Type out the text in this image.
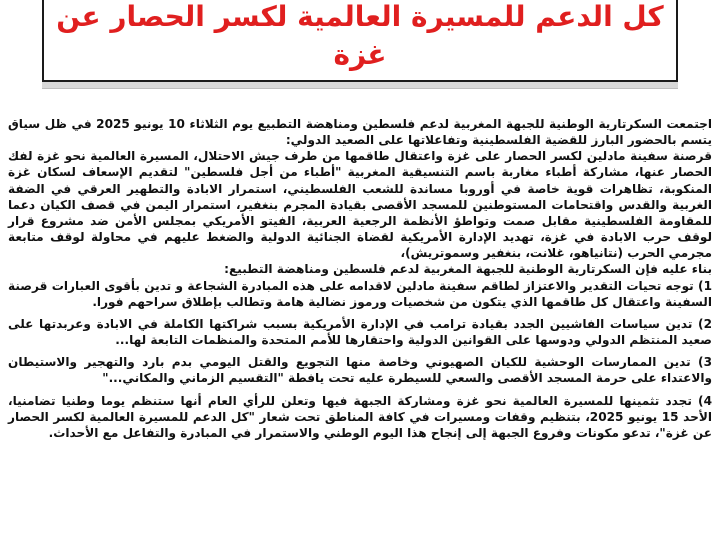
كل الدعم للمسيرة العالمية لكسر الحصار عن غزة

اجتمعت السكرتارية الوطنية للجبهة المغربية لدعم فلسطين ومناهضة التطبيع يوم الثلاثاء 10 يونيو 2025 في ظل سياق يتسم بالحضور البارز للقضية الفلسطينية وتفاعلاتها على الصعيد الدولي:

قرصنة سفينة مادلين لكسر الحصار على غزة واعتقال طاقمها من طرف جيش الاحتلال، المسيرة العالمية نحو غزة لفك الحصار عنها، مشاركة أطباء مغاربة باسم التنسيقية المغربية "أطباء من أجل فلسطين" لتقديم الإسعاف لسكان غزة المنكوبة، تظاهرات قوية خاصة في أوروبا مساندة للشعب الفلسطيني، استمرار الابادة والتطهير العرقي في الضفة الغربية والقدس واقتحامات المستوطنين للمسجد الأقصى بقيادة المجرم بنغفير، استمرار اليمن في قصف الكيان دعما للمقاومة الفلسطينية مقابل صمت وتواطؤ الأنظمة الرجعية العربية، الفيتو الأمريكي بمجلس الأمن ضد مشروع قرار لوقف حرب الابادة في غزة، تهديد الإدارة الأمريكية لقضاة الجنائية الدولية والضغط عليهم في محاولة لوقف متابعة مجرمي الحرب (نتانياهو، غلانت، بنغفير وسموتريش)،

بناء عليه فإن السكرتارية الوطنية للجبهة المغربية لدعم فلسطين ومناهضة التطبيع:

1) توجه تحيات التقدير والاعتزاز لطاقم سفينة مادلين لاقدامه على هذه المبادرة الشجاعة و تدين بأقوى العبارات قرصنة السفينة واعتقال كل طاقمها الذي يتكون من شخصيات ورموز نضالية هامة وتطالب بإطلاق سراحهم فورا.

2) تدين سياسات الفاشيين الجدد بقيادة ترامب في الإدارة الأمريكية بسبب شراكتها الكاملة في الابادة وعربدتها على صعيد المنتظم الدولي ودوسها على القوانين الدولية واحتقارها للأمم المتحدة والمنظمات التابعة لها...

3) تدين الممارسات الوحشية للكيان الصهيوني وخاصة منها التجويع والقتل اليومي بدم بارد والتهجير والاستيطان والاعتداء على حرمة المسجد الأقصى والسعي للسيطرة عليه تحت يافطة "التقسيم الزماني والمكاني..."

4) تجدد تثمينها للمسيرة العالمية نحو غزة ومشاركة الجبهة فيها وتعلن للرأي العام أنها ستنظم يوما وطنيا تضامنيا، الأحد 15 يونيو 2025، بتنظيم وقفات ومسيرات في كافة المناطق تحت شعار "كل الدعم للمسيرة العالمية لكسر الحصار عن غزة"، تدعو مكونات وفروع الجبهة إلى إنجاح هذا اليوم الوطني والاستمرار في المبادرة والتفاعل مع الأحداث.
